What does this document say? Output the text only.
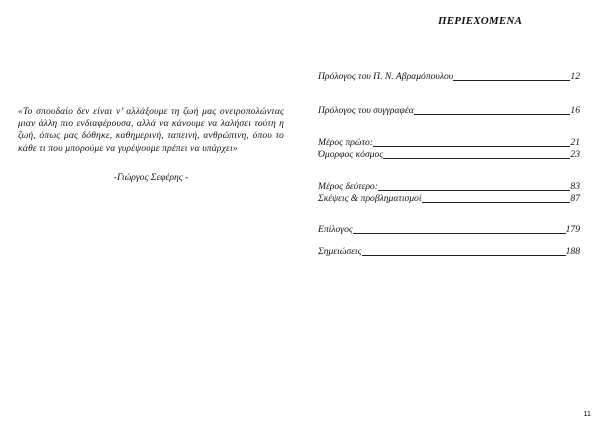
«Το σπουδαίο δεν είναι ν’ αλλάξουμε τη ζωή μας ονειροπολώντας μιαν άλλη πιο ενδιαφέρουσα, αλλά να κάνουμε να λαλήσει τούτη η ζωή, όπως μας δόθηκε, καθημερινή, ταπεινή, ανθρώπινη, όπου το κάθε τι που μπορούμε να γυρέψουμε πρέπει να υπάρχει»
-Γιώργος Σεφέρης -
ΠΕΡΙΕΧΟΜΕΝΑ
Πρόλογος του Π. Ν. Αβραμόπουλου	12
Πρόλογος του συγγραφέα	16
Μέρος πρώτο:	21
Όμορφος κόσμος	23
Μέρος δεύτερο:	83
Σκέψεις & προβληματισμοί	87
Επίλογος	179
Σημειώσεις	188
11
